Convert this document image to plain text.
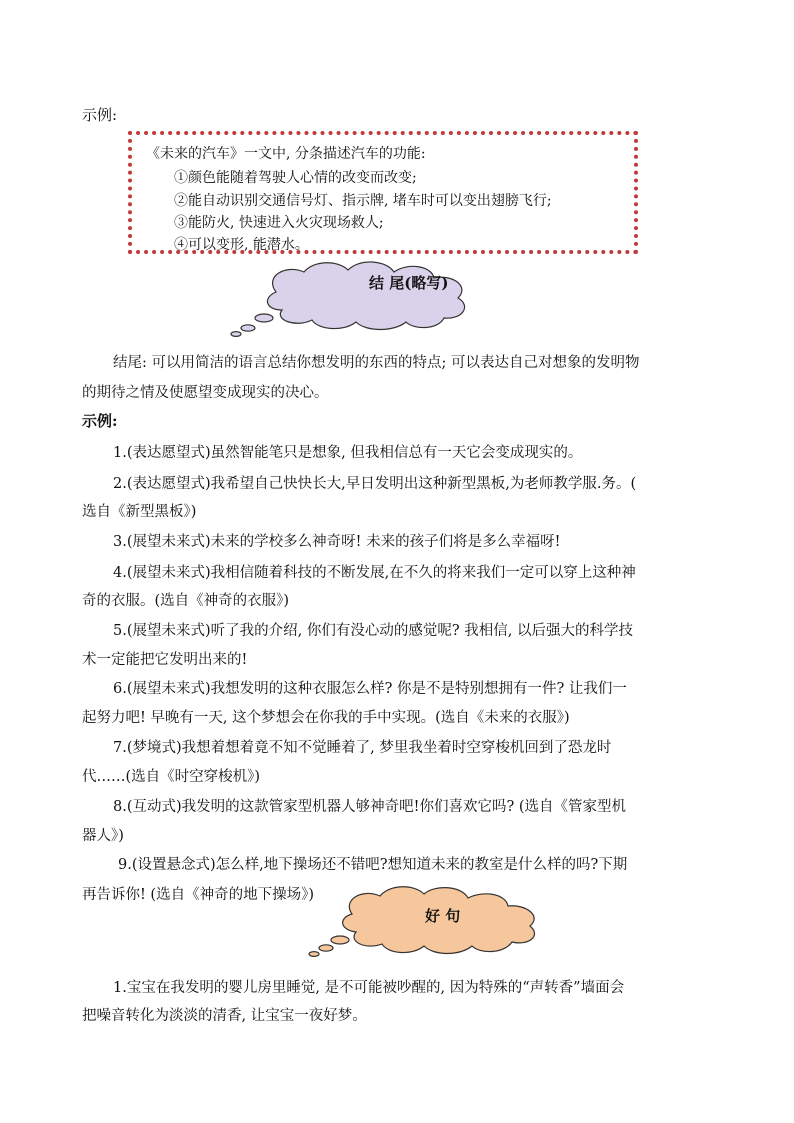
示例:
《未来的汽车》一文中, 分条描述汽车的功能:
①颜色能随着驾驶人心情的改变而改变;
②能自动识别交通信号灯、指示牌, 堵车时可以变出翅膀飞行;
③能防火, 快速进入火灾现场救人;
④可以变形, 能潜水。
结 尾(略写)
结尾: 可以用简洁的语言总结你想发明的东西的特点; 可以表达自己对想象的发明物
的期待之情及使愿望变成现实的决心。
示例:
1.(表达愿望式)虽然智能笔只是想象, 但我相信总有一天它会变成现实的。
2.(表达愿望式)我希望自己快快长大,早日发明出这种新型黑板,为老师教学服.务。(
选自《新型黑板》)
3.(展望未来式)未来的学校多么神奇呀! 未来的孩子们将是多么幸福呀!
4.(展望未来式)我相信随着科技的不断发展,在不久的将来我们一定可以穿上这种神
奇的衣服。(选自《神奇的衣服》)
5.(展望未来式)听了我的介绍, 你们有没心动的感觉呢? 我相信, 以后强大的科学技
术一定能把它发明出来的!
6.(展望未来式)我想发明的这种衣服怎么样? 你是不是特别想拥有一件? 让我们一
起努力吧! 早晚有一天, 这个梦想会在你我的手中实现。(选自《未来的衣服》)
7.(梦境式)我想着想着竟不知不觉睡着了, 梦里我坐着时空穿梭机回到了恐龙时
代……(选自《时空穿梭机》)
8.(互动式)我发明的这款管家型机器人够神奇吧!你们喜欢它吗? (选自《管家型机
器人》)
9.(设置悬念式)怎么样,地下操场还不错吧?想知道未来的教室是什么样的吗?下期
再告诉你! (选自《神奇的地下操场》)
好 句
1.宝宝在我发明的婴儿房里睡觉, 是不可能被吵醒的, 因为特殊的“声转香”墙面会
把噪音转化为淡淡的清香, 让宝宝一夜好梦。
